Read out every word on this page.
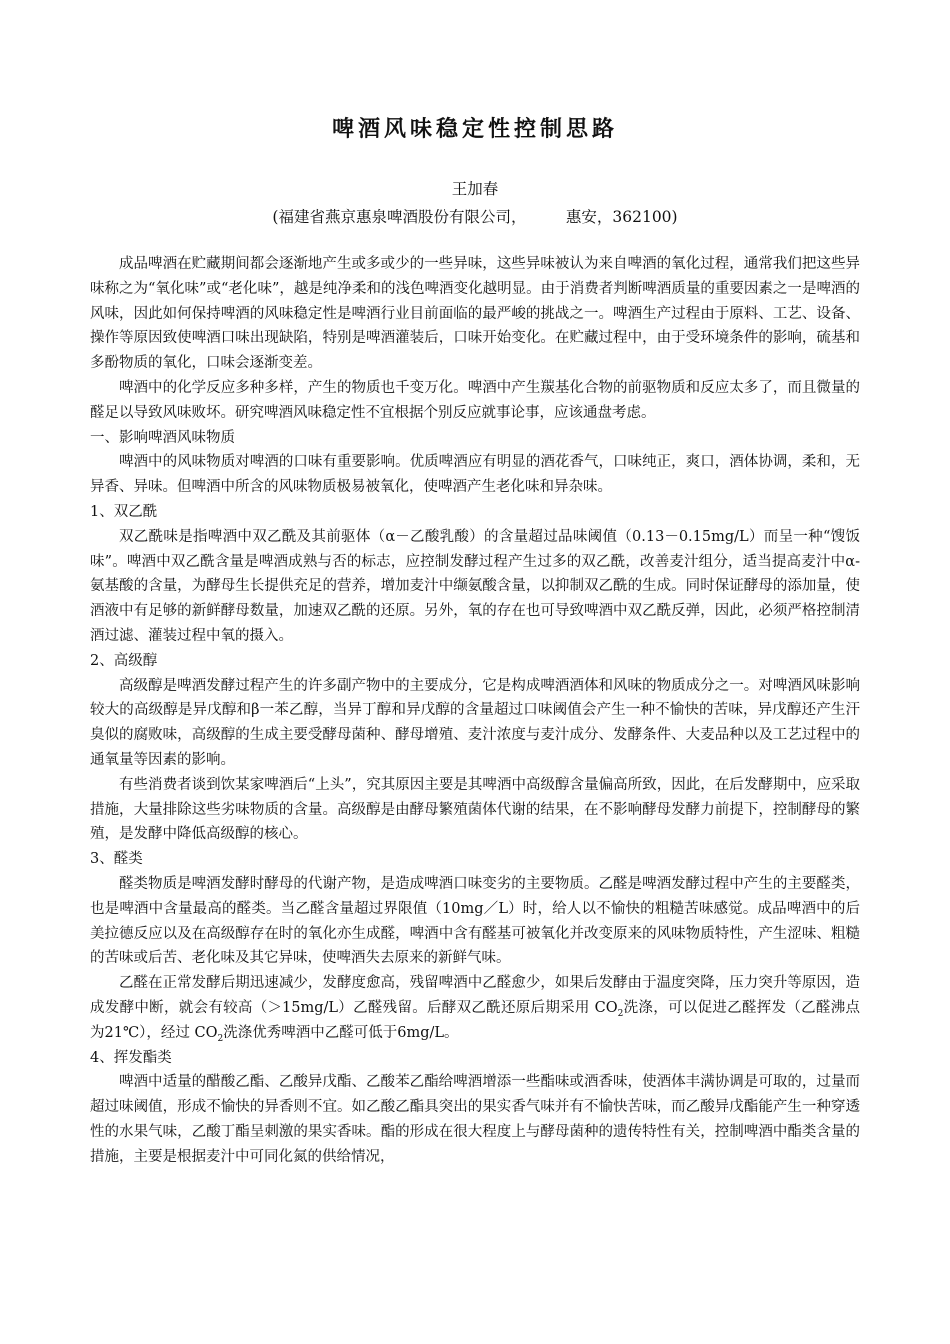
啤酒风味稳定性控制思路
王加春
(福建省燕京惠泉啤酒股份有限公司，        惠安，362100)

成品啤酒在贮藏期间都会逐渐地产生或多或少的一些异味，这些异味被认为来自啤酒的氧化过程，通常我们把这些异味称之为“氧化味”或“老化味”，越是纯净柔和的浅色啤酒变化越明显。由于消费者判断啤酒质量的重要因素之一是啤酒的风味，因此如何保持啤酒的风味稳定性是啤酒行业目前面临的最严峻的挑战之一。啤酒生产过程由于原料、工艺、设备、操作等原因致使啤酒口味出现缺陷，特别是啤酒灌装后，口味开始变化。在贮藏过程中，由于受环境条件的影响，硫基和多酚物质的氧化，口味会逐渐变差。

啤酒中的化学反应多种多样，产生的物质也千变万化。啤酒中产生羰基化合物的前驱物质和反应太多了，而且微量的醛足以导致风味败坏。研究啤酒风味稳定性不宜根据个别反应就事论事，应该通盘考虑。

一、影响啤酒风味物质

啤酒中的风味物质对啤酒的口味有重要影响。优质啤酒应有明显的酒花香气，口味纯正，爽口，酒体协调，柔和，无异香、异味。但啤酒中所含的风味物质极易被氧化，使啤酒产生老化味和异杂味。

1、双乙酰

双乙酰味是指啤酒中双乙酰及其前驱体（α－乙酸乳酸）的含量超过品味阈值（0.13－0.15mg/L）而呈一种“馊饭味”。啤酒中双乙酰含量是啤酒成熟与否的标志，应控制发酵过程产生过多的双乙酰，改善麦汁组分，适当提高麦汁中α-氨基酸的含量，为酵母生长提供充足的营养，增加麦汁中缬氨酸含量，以抑制双乙酰的生成。同时保证酵母的添加量，使酒液中有足够的新鲜酵母数量，加速双乙酰的还原。另外，氧的存在也可导致啤酒中双乙酰反弹，因此，必须严格控制清酒过滤、灌装过程中氧的摄入。

2、高级醇

高级醇是啤酒发酵过程产生的许多副产物中的主要成分，它是构成啤酒酒体和风味的物质成分之一。对啤酒风味影响较大的高级醇是异戊醇和β一苯乙醇，当异丁醇和异戊醇的含量超过口味阈值会产生一种不愉快的苦味，异戊醇还产生汗臭似的腐败味，高级醇的生成主要受酵母菌种、酵母增殖、麦汁浓度与麦汁成分、发酵条件、大麦品种以及工艺过程中的通氧量等因素的影响。

有些消费者谈到饮某家啤酒后“上头”，究其原因主要是其啤酒中高级醇含量偏高所致，因此，在后发酵期中，应采取措施，大量排除这些劣味物质的含量。高级醇是由酵母繁殖菌体代谢的结果，在不影响酵母发酵力前提下，控制酵母的繁殖，是发酵中降低高级醇的核心。

3、醛类

醛类物质是啤酒发酵时酵母的代谢产物，是造成啤酒口味变劣的主要物质。乙醛是啤酒发酵过程中产生的主要醛类，也是啤酒中含量最高的醛类。当乙醛含量超过界限值（10mg／L）时，给人以不愉快的粗糙苦味感觉。成品啤酒中的后美拉德反应以及在高级醇存在时的氧化亦生成醛，啤酒中含有醛基可被氧化并改变原来的风味物质特性，产生涩味、粗糙的苦味或后苦、老化味及其它异味，使啤酒失去原来的新鲜气味。

乙醛在正常发酵后期迅速减少，发酵度愈高，残留啤酒中乙醛愈少，如果后发酵由于温度突降，压力突升等原因，造成发酵中断，就会有较高（＞15mg/L）乙醛残留。后酵双乙酰还原后期采用 $CO_2$洗涤，可以促进乙醛挥发（乙醛沸点为21℃），经过 $CO_2$洗涤优秀啤酒中乙醛可低于6mg/L。

4、挥发酯类

啤酒中适量的醋酸乙酯、乙酸异戊酯、乙酸苯乙酯给啤酒增添一些酯味或酒香味，使酒体丰满协调是可取的，过量而超过味阈值，形成不愉快的异香则不宜。如乙酸乙酯具突出的果实香气味并有不愉快苦味，而乙酸异戊酯能产生一种穿透性的水果气味，乙酸丁酯呈刺激的果实香味。酯的形成在很大程度上与酵母菌种的遗传特性有关，控制啤酒中酯类含量的措施，主要是根据麦汁中可同化氮的供给情况，
